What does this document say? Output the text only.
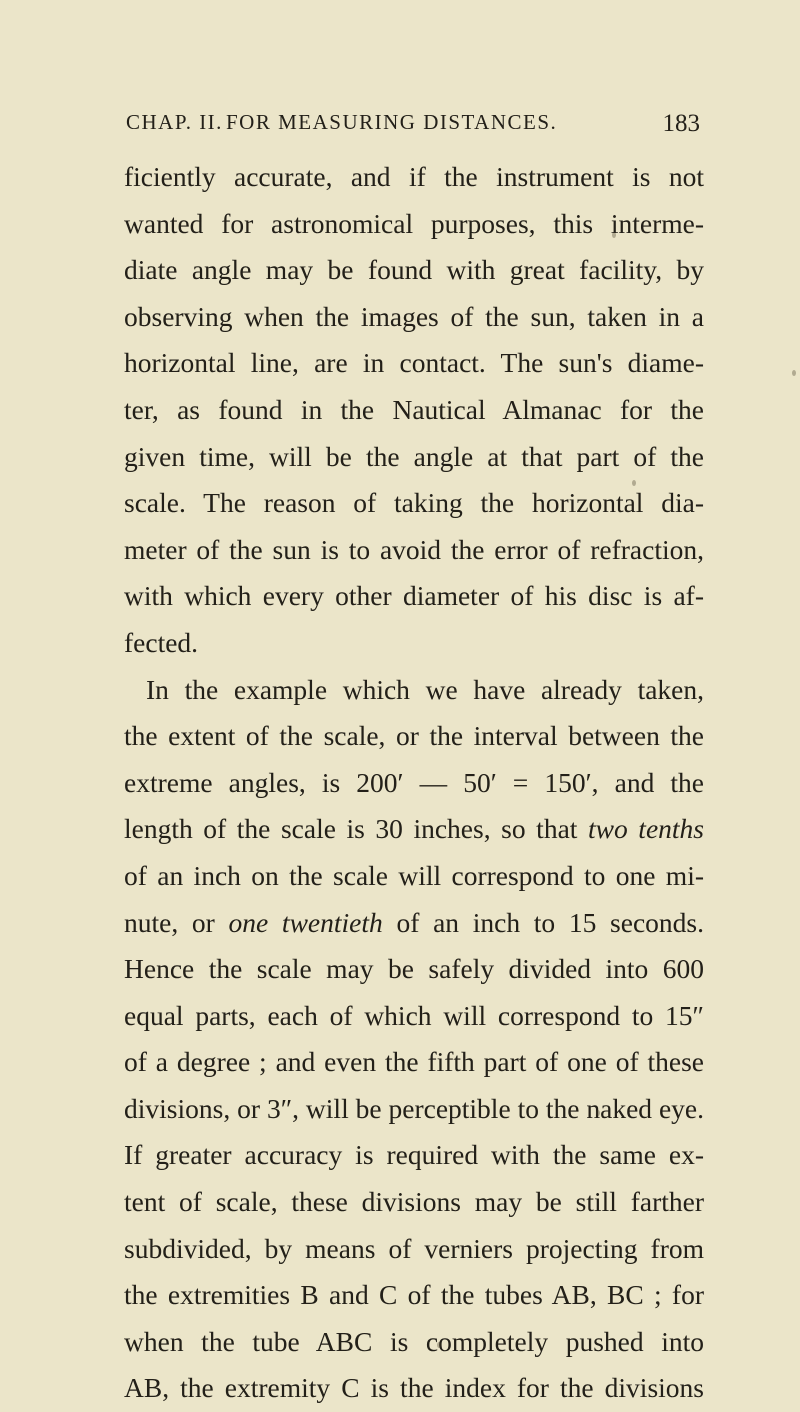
CHAP. II. FOR MEASURING DISTANCES.	183
ficiently accurate, and if the instrument is not
wanted for astronomical purposes, this interme-
diate angle may be found with great facility, by
observing when the images of the sun, taken in a
horizontal line, are in contact. The sun's diame-
ter, as found in the Nautical Almanac for the
given time, will be the angle at that part of the
scale. The reason of taking the horizontal dia-
meter of the sun is to avoid the error of refraction,
with which every other diameter of his disc is af-
fected.
In the example which we have already taken,
the extent of the scale, or the interval between the
extreme angles, is 200′ — 50′ = 150′, and the
length of the scale is 30 inches, so that two tenths
of an inch on the scale will correspond to one mi-
nute, or one twentieth of an inch to 15 seconds.
Hence the scale may be safely divided into 600
equal parts, each of which will correspond to 15″
of a degree ; and even the fifth part of one of these
divisions, or 3″, will be perceptible to the naked eye.
If greater accuracy is required with the same ex-
tent of scale, these divisions may be still farther
subdivided, by means of verniers projecting from
the extremities B and C of the tubes AB, BC ; for
when the tube ABC is completely pushed into
AB, the extremity C is the index for the divisions
